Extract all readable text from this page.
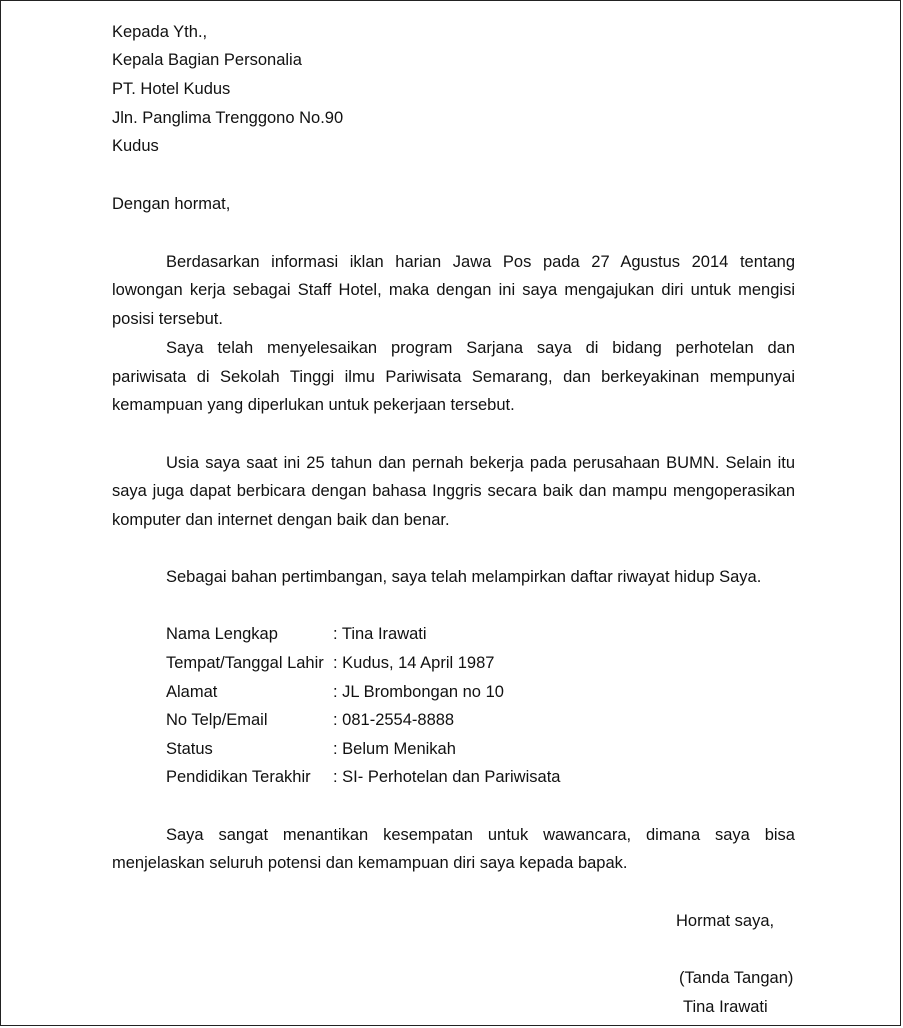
Kepada Yth.,
Kepala Bagian Personalia
PT. Hotel Kudus
Jln. Panglima Trenggono No.90
Kudus
Dengan hormat,
Berdasarkan informasi iklan harian Jawa Pos pada 27 Agustus 2014 tentang
lowongan kerja sebagai Staff Hotel, maka dengan ini saya mengajukan diri untuk mengisi
posisi tersebut.
Saya telah menyelesaikan program Sarjana saya di bidang perhotelan dan
pariwisata di Sekolah Tinggi ilmu Pariwisata Semarang, dan berkeyakinan mempunyai
kemampuan yang diperlukan untuk pekerjaan tersebut.
Usia saya saat ini 25 tahun dan pernah bekerja pada perusahaan BUMN. Selain itu
saya juga dapat berbicara dengan bahasa Inggris secara baik dan mampu mengoperasikan
komputer dan internet dengan baik dan benar.
Sebagai bahan pertimbangan, saya telah melampirkan daftar riwayat hidup Saya.
Nama Lengkap	: Tina Irawati
Tempat/Tanggal Lahir : Kudus, 14 April 1987
Alamat	: JL Brombongan no 10
No Telp/Email	: 081-2554-8888
Status	: Belum Menikah
Pendidikan Terakhir : SI- Perhotelan dan Pariwisata
Saya sangat menantikan kesempatan untuk wawancara, dimana saya bisa
menjelaskan seluruh potensi dan kemampuan diri saya kepada bapak.
Hormat saya,
(Tanda Tangan)
Tina Irawati
